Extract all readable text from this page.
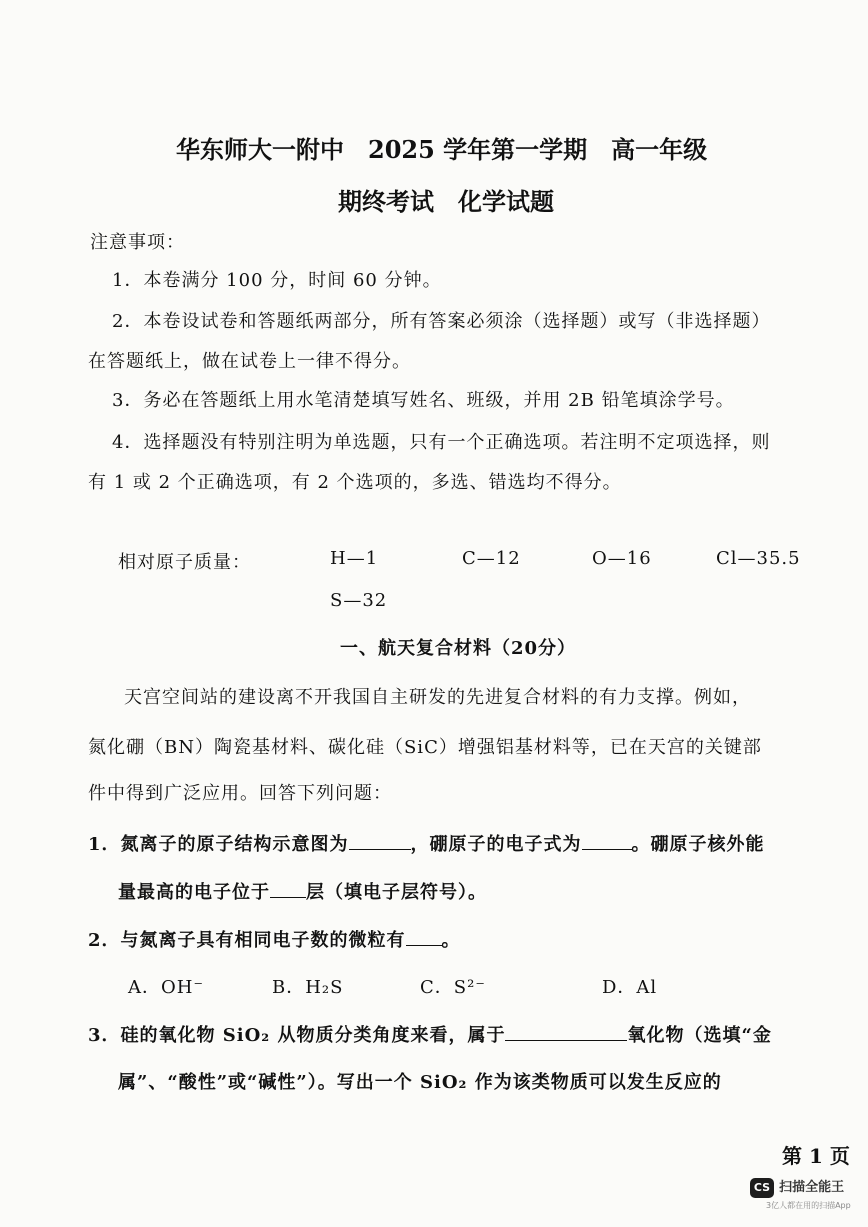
华东师大一附中　2025 学年第一学期　高一年级
期终考试　化学试题
注意事项：
1．本卷满分 100 分，时间 60 分钟。
2．本卷设试卷和答题纸两部分，所有答案必须涂（选择题）或写（非选择题）
在答题纸上，做在试卷上一律不得分。
3．务必在答题纸上用水笔清楚填写姓名、班级，并用 2B 铅笔填涂学号。
4．选择题没有特别注明为单选题，只有一个正确选项。若注明不定项选择，则
有 1 或 2 个正确选项，有 2 个选项的，多选、错选均不得分。
相对原子质量：	H—1	C—12	O—16	Cl—35.5
S—32
一、航天复合材料（20分）
天宫空间站的建设离不开我国自主研发的先进复合材料的有力支撑。例如，
氮化硼（BN）陶瓷基材料、碳化硅（SiC）增强铝基材料等，已在天宫的关键部
件中得到广泛应用。回答下列问题：
1．氮离子的原子结构示意图为	，硼原子的电子式为	。硼原子核外能
量最高的电子位于 层（填电子层符号）。
2．与氮离子具有相同电子数的微粒有 。
A．OH⁻	B．H₂S	C．S²⁻	D．Al
3．硅的氧化物 SiO₂ 从物质分类角度来看，属于	氧化物（选填“金
属”、“酸性”或“碱性”）。写出一个 SiO₂ 作为该类物质可以发生反应的
第 1 页
CS 扫描全能王
3亿人都在用的扫描App
